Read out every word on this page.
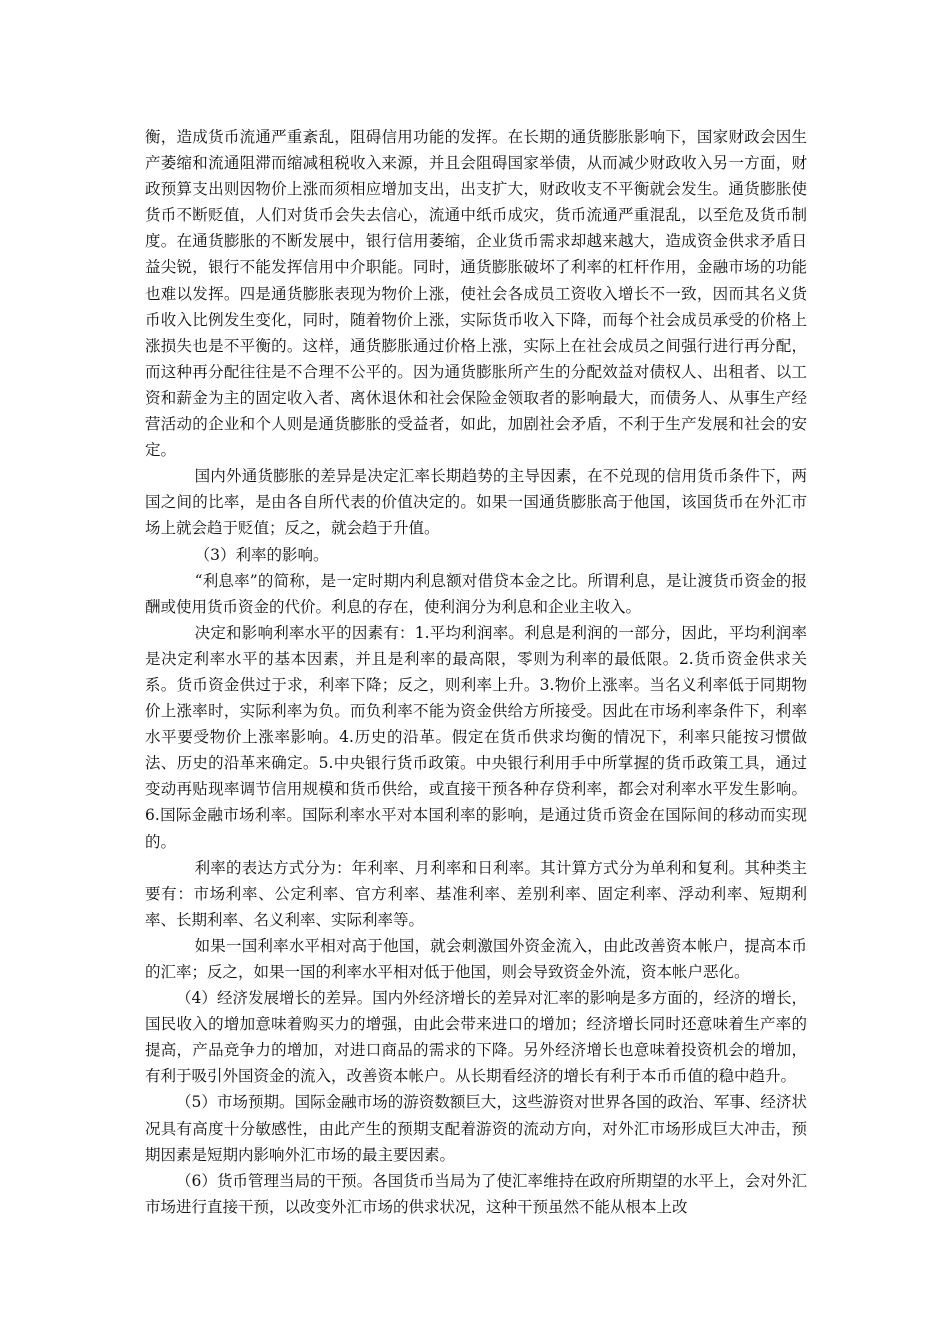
衡，造成货币流通严重紊乱，阻碍信用功能的发挥。在长期的通货膨胀影响下，国家财政会因生产萎缩和流通阻滞而缩减租税收入来源，并且会阻碍国家举债，从而减少财政收入另一方面，财政预算支出则因物价上涨而须相应增加支出，出支扩大，财政收支不平衡就会发生。通货膨胀使货币不断贬值，人们对货币会失去信心，流通中纸币成灾，货币流通严重混乱，以至危及货币制度。在通货膨胀的不断发展中，银行信用萎缩，企业货币需求却越来越大，造成资金供求矛盾日益尖锐，银行不能发挥信用中介职能。同时，通货膨胀破坏了利率的杠杆作用，金融市场的功能也难以发挥。四是通货膨胀表现为物价上涨，使社会各成员工资收入增长不一致，因而其名义货币收入比例发生变化，同时，随着物价上涨，实际货币收入下降，而每个社会成员承受的价格上涨损失也是不平衡的。这样，通货膨胀通过价格上涨，实际上在社会成员之间强行进行再分配，而这种再分配往往是不合理不公平的。因为通货膨胀所产生的分配效益对债权人、出租者、以工资和薪金为主的固定收入者、离休退休和社会保险金领取者的影响最大，而债务人、从事生产经营活动的企业和个人则是通货膨胀的受益者，如此，加剧社会矛盾，不利于生产发展和社会的安定。

国内外通货膨胀的差异是决定汇率长期趋势的主导因素，在不兑现的信用货币条件下，两国之间的比率，是由各自所代表的价值决定的。如果一国通货膨胀高于他国，该国货币在外汇市场上就会趋于贬值；反之，就会趋于升值。

（3）利率的影响。

“利息率”的简称，是一定时期内利息额对借贷本金之比。所谓利息，是让渡货币资金的报酬或使用货币资金的代价。利息的存在，使利润分为利息和企业主收入。

决定和影响利率水平的因素有：1.平均利润率。利息是利润的一部分，因此，平均利润率是决定利率水平的基本因素，并且是利率的最高限，零则为利率的最低限。2.货币资金供求关系。货币资金供过于求，利率下降；反之，则利率上升。3.物价上涨率。当名义利率低于同期物价上涨率时，实际利率为负。而负利率不能为资金供给方所接受。因此在市场利率条件下，利率水平要受物价上涨率影响。4.历史的沿革。假定在货币供求均衡的情况下，利率只能按习惯做法、历史的沿革来确定。5.中央银行货币政策。中央银行利用手中所掌握的货币政策工具，通过变动再贴现率调节信用规模和货币供给，或直接干预各种存贷利率，都会对利率水平发生影响。6.国际金融市场利率。国际利率水平对本国利率的影响，是通过货币资金在国际间的移动而实现的。

利率的表达方式分为：年利率、月利率和日利率。其计算方式分为单利和复利。其种类主要有：市场利率、公定利率、官方利率、基准利率、差别利率、固定利率、浮动利率、短期利率、长期利率、名义利率、实际利率等。

如果一国利率水平相对高于他国，就会刺激国外资金流入，由此改善资本帐户，提高本币的汇率；反之，如果一国的利率水平相对低于他国，则会导致资金外流，资本帐户恶化。

（4）经济发展增长的差异。国内外经济增长的差异对汇率的影响是多方面的，经济的增长，国民收入的增加意味着购买力的增强，由此会带来进口的增加；经济增长同时还意味着生产率的提高，产品竞争力的增加，对进口商品的需求的下降。另外经济增长也意味着投资机会的增加，有利于吸引外国资金的流入，改善资本帐户。从长期看经济的增长有利于本币币值的稳中趋升。

（5）市场预期。国际金融市场的游资数额巨大，这些游资对世界各国的政治、军事、经济状况具有高度十分敏感性，由此产生的预期支配着游资的流动方向，对外汇市场形成巨大冲击，预期因素是短期内影响外汇市场的最主要因素。

（6）货币管理当局的干预。各国货币当局为了使汇率维持在政府所期望的水平上，会对外汇市场进行直接干预，以改变外汇市场的供求状况，这种干预虽然不能从根本上改
